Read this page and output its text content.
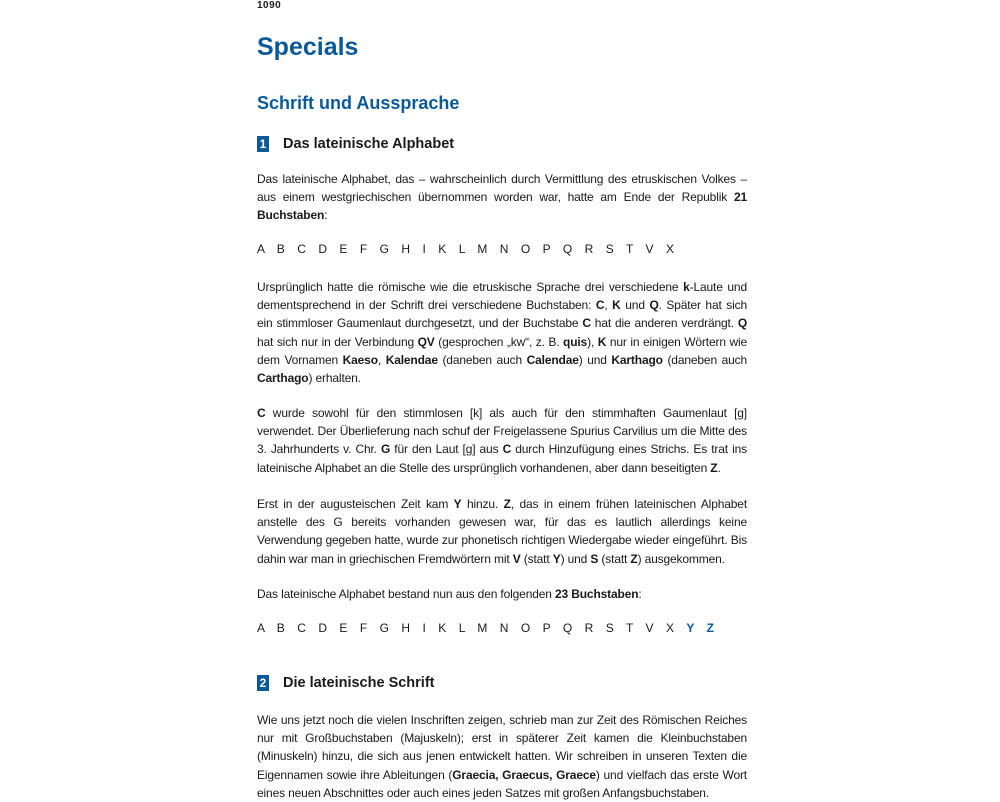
1090
Specials
Schrift und Aussprache
1 Das lateinische Alphabet

Das lateinische Alphabet, das – wahrscheinlich durch Vermittlung des etruskischen Volkes – aus einem westgriechischen übernommen worden war, hatte am Ende der Republik 21 Buchstaben:

A B C D E F G H I K L M N O P Q R S T V X

Ursprünglich hatte die römische wie die etruskische Sprache drei verschiedene k-Laute und dementsprechend in der Schrift drei verschiedene Buchstaben: C, K und Q. Später hat sich ein stimmloser Gaumenlaut durchgesetzt, und der Buchstabe C hat die anderen verdrängt. Q hat sich nur in der Verbindung QV (gesprochen „kw“, z. B. quis), K nur in einigen Wörtern wie dem Vornamen Kaeso, Kalendae (daneben auch Calendae) und Karthago (daneben auch Carthago) erhalten.

C wurde sowohl für den stimmlosen [k] als auch für den stimmhaften Gaumenlaut [g] verwendet. Der Überlieferung nach schuf der Freigelassene Spurius Carvilius um die Mitte des 3. Jahrhunderts v. Chr. G für den Laut [g] aus C durch Hinzufügung eines Strichs. Es trat ins lateinische Alphabet an die Stelle des ursprünglich vorhandenen, aber dann beseitigten Z.

Erst in der augusteischen Zeit kam Y hinzu. Z, das in einem frühen lateinischen Alphabet anstelle des G bereits vorhanden gewesen war, für das es lautlich allerdings keine Verwendung gegeben hatte, wurde zur phonetisch richtigen Wiedergabe wieder eingeführt. Bis dahin war man in griechischen Fremdwörtern mit V (statt Y) und S (statt Z) ausgekommen.

Das lateinische Alphabet bestand nun aus den folgenden 23 Buchstaben:

A B C D E F G H I K L M N O P Q R S T V X Y Z

2 Die lateinische Schrift

Wie uns jetzt noch die vielen Inschriften zeigen, schrieb man zur Zeit des Römischen Reiches nur mit Großbuchstaben (Majuskeln); erst in späterer Zeit kamen die Kleinbuchstaben (Minuskeln) hinzu, die sich aus jenen entwickelt hatten. Wir schreiben in unseren Texten die Eigennamen sowie ihre Ableitungen (Graecia, Graecus, Graece) und vielfach das erste Wort eines neuen Abschnittes oder auch eines jeden Satzes mit großen Anfangsbuchstaben.
